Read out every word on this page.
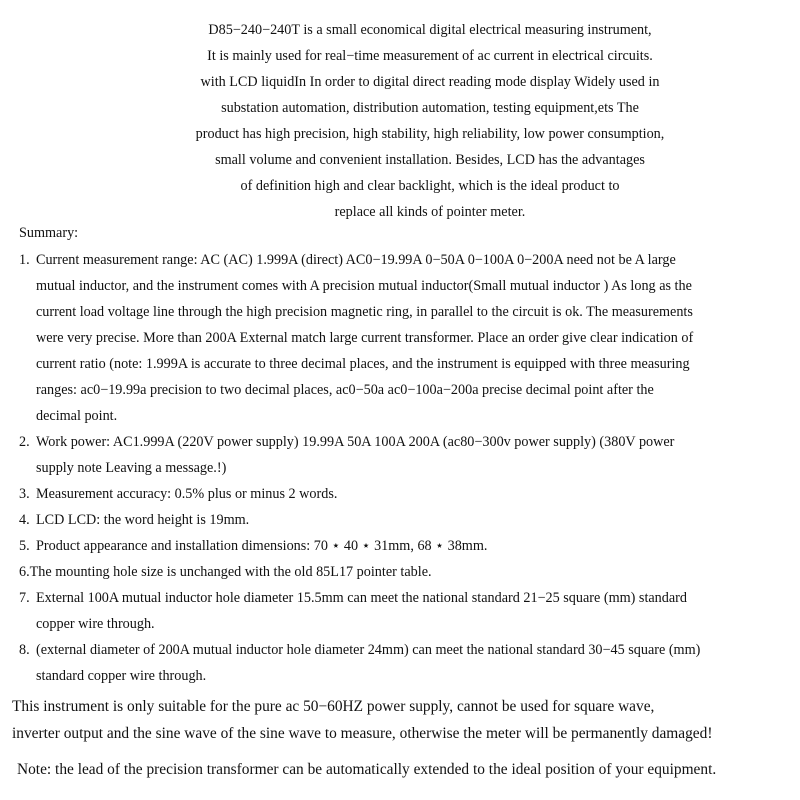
D85−240−240T is a small economical digital electrical measuring instrument,
It is mainly used for real−time measurement of ac current in electrical circuits.
with LCD liquidIn In order to digital direct reading mode display Widely used in
substation automation, distribution automation, testing equipment,ets The
product has high precision, high stability, high reliability, low power consumption,
small volume and convenient installation. Besides, LCD has the advantages
of definition high and clear backlight, which is the ideal product to
replace all kinds of pointer meter.
Summary:
1. Current measurement range: AC (AC) 1.999A (direct) AC0−19.99A 0−50A 0−100A 0−200A need not be A large
mutual inductor, and the instrument comes with A precision mutual inductor(Small mutual inductor ) As long as the
current load voltage line through the high precision magnetic ring, in parallel to the circuit is ok. The measurements
were very precise. More than 200A External match large current transformer. Place an order give clear indication of
current ratio (note: 1.999A is accurate to three decimal places, and the instrument is equipped with three measuring
ranges: ac0−19.99a precision to two decimal places, ac0−50a ac0−100a−200a precise decimal point after the
decimal point.
2. Work power: AC1.999A (220V power supply) 19.99A 50A 100A 200A (ac80−300v power supply) (380V power
supply note Leaving a message.!)
3. Measurement accuracy: 0.5% plus or minus 2 words.
4. LCD LCD: the word height is 19mm.
5. Product appearance and installation dimensions: 70 ⋆ 40 ⋆ 31mm, 68 ⋆ 38mm.
6.The mounting hole size is unchanged with the old 85L17 pointer table.
7. External 100A mutual inductor hole diameter 15.5mm can meet the national standard 21−25 square (mm) standard
copper wire through.
8. (external diameter of 200A mutual inductor hole diameter 24mm) can meet the national standard 30−45 square (mm)
standard copper wire through.
This instrument is only suitable for the pure ac 50−60HZ power supply, cannot be used for square wave,
inverter output and the sine wave of the sine wave to measure, otherwise the meter will be permanently damaged!
Note: the lead of the precision transformer can be automatically extended to the ideal position of your equipment.
